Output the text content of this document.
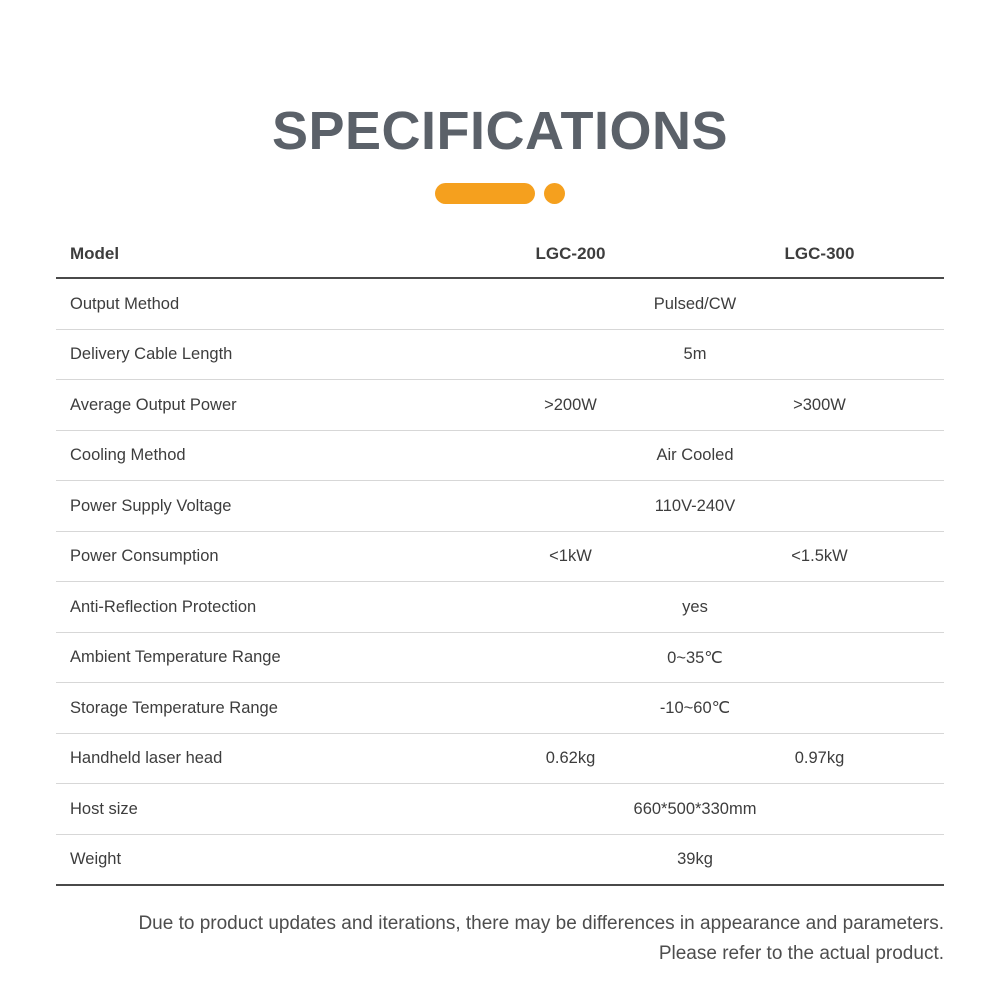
SPECIFICATIONS
Model	LGC-200	LGC-300
Output Method	Pulsed/CW	
Delivery Cable Length	5m	
Average Output Power	>200W	>300W
Cooling Method	Air Cooled	
Power Supply Voltage	110V-240V	
Power Consumption	<1kW	<1.5kW
Anti-Reflection Protection	yes	
Ambient Temperature Range	0~35℃	
Storage Temperature Range	-10~60℃	
Handheld laser head	0.62kg	0.97kg
Host size	660*500*330mm	
Weight	39kg	
Due to product updates and iterations, there may be differences in appearance and parameters.
Please refer to the actual product.
